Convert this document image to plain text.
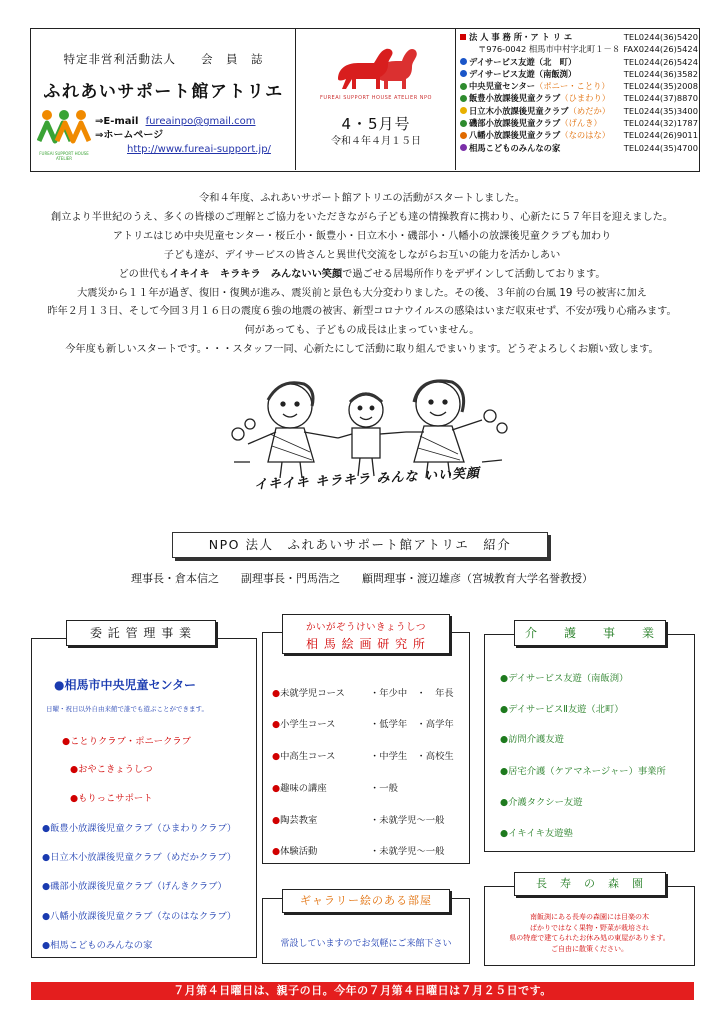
特定非営利活動法人　　会　員　誌
ふれあいサポート館アトリエ
FUREAI SUPPORT HOUSE ATELIER
⇒E-mail fureainpo@gmail.com
⇒ホームページ
http://www.fureai-support.jp/
FUREAI SUPPORT HOUSE ATELIER NPO
4・5月号
令和４年４月１５日
法 人 事 務 所・ア ト リ エ	TEL0244(36)5420
〒976-0042 相馬市中村字北町１－８ FAX0244(26)5424
デイサービス友遊（北　町）	TEL0244(26)5424
デイサービス友遊（南飯渕）	TEL0244(36)3582
中央児童センター（ポニー・ことり） TEL0244(35)2008
飯豊小放課後児童クラブ（ひまわり） TEL0244(37)8870
日立木小放課後児童クラブ（めだか） TEL0244(35)3400
磯部小放課後児童クラブ（げんき）	TEL0244(32)1787
八幡小放課後児童クラブ（なのはな） TEL0244(26)9011
相馬こどものみんなの家	TEL0244(35)4700
令和４年度、ふれあいサポート館アトリエの活動がスタートしました。
創立より半世紀のうえ、多くの皆様のご理解とご協力をいただきながら子ども達の情操教育に携わり、心新たに５７年目を迎えました。
アトリエはじめ中央児童センター・桜丘小・飯豊小・日立木小・磯部小・八幡小の放課後児童クラブも加わり
子ども達が、デイサービスの皆さんと異世代交流をしながらお互いの能力を活かしあい
どの世代もイキイキ　キラキラ　みんないい笑顔で過ごせる居場所作りをデザインして活動しております。
大震災から１１年が過ぎ、復旧・復興が進み、震災前と景色も大分変わりました。その後、３年前の台風 19 号の被害に加え
昨年２月１３日、そして今回３月１６日の震度６強の地震の被害、新型コロナウイルスの感染はいまだ収束せず、不安が残り心痛みます。
何があっても、子どもの成長は止まっていません。
今年度も新しいスタートです。・・・スタッフ一同、心新たにして活動に取り組んでまいります。どうぞよろしくお願い致します。
イキイキ キラキラ みんな いい笑顔
NPO 法人　ふれあいサポート館アトリエ　紹介
理事長・倉本信之　　副理事長・門馬浩之　　顧問理事・渡辺雄彦（宮城教育大学名誉教授）
委 託 管 理 事 業
●相馬市中央児童センター
日曜・祝日以外自由来館で誰でも遊ぶことができます。
●ことりクラブ・ポニークラブ
●おやこきょうしつ
●もりっこサポート
●飯豊小放課後児童クラブ（ひまわりクラブ）
●日立木小放課後児童クラブ（めだかクラブ）
●磯部小放課後児童クラブ（げんきクラブ）
●八幡小放課後児童クラブ（なのはなクラブ）
●相馬こどものみんなの家
かいがぞうけいきょうしつ
相 馬 絵 画 研 究 所
●未就学児コース	・年少中　・　年長
●小学生コース	・低学年　・高学年
●中高生コース	・中学生　・高校生
●趣味の講座	・一般
●陶芸教室	・未就学児〜一般
●体験活動	・未就学児〜一般
ギャラリー絵のある部屋
常設していますのでお気軽にご来館下さい
介　　護　　事　　業
●デイサービス友遊（南飯渕）
●デイサービスⅡ友遊（北町）
●訪問介護友遊
●居宅介護（ケアマネージャー）事業所
●介護タクシー友遊
●イキイキ友遊塾
長　寿　の　森　園
南飯渕にある長寿の森園には目楽の木
ばかりではなく果物・野菜が栽培され
県の特産で建てられたお休み処の東屋があります。
ご自由に散策ください。
７月第４日曜日は、親子の日。今年の７月第４日曜日は７月２５日です。
